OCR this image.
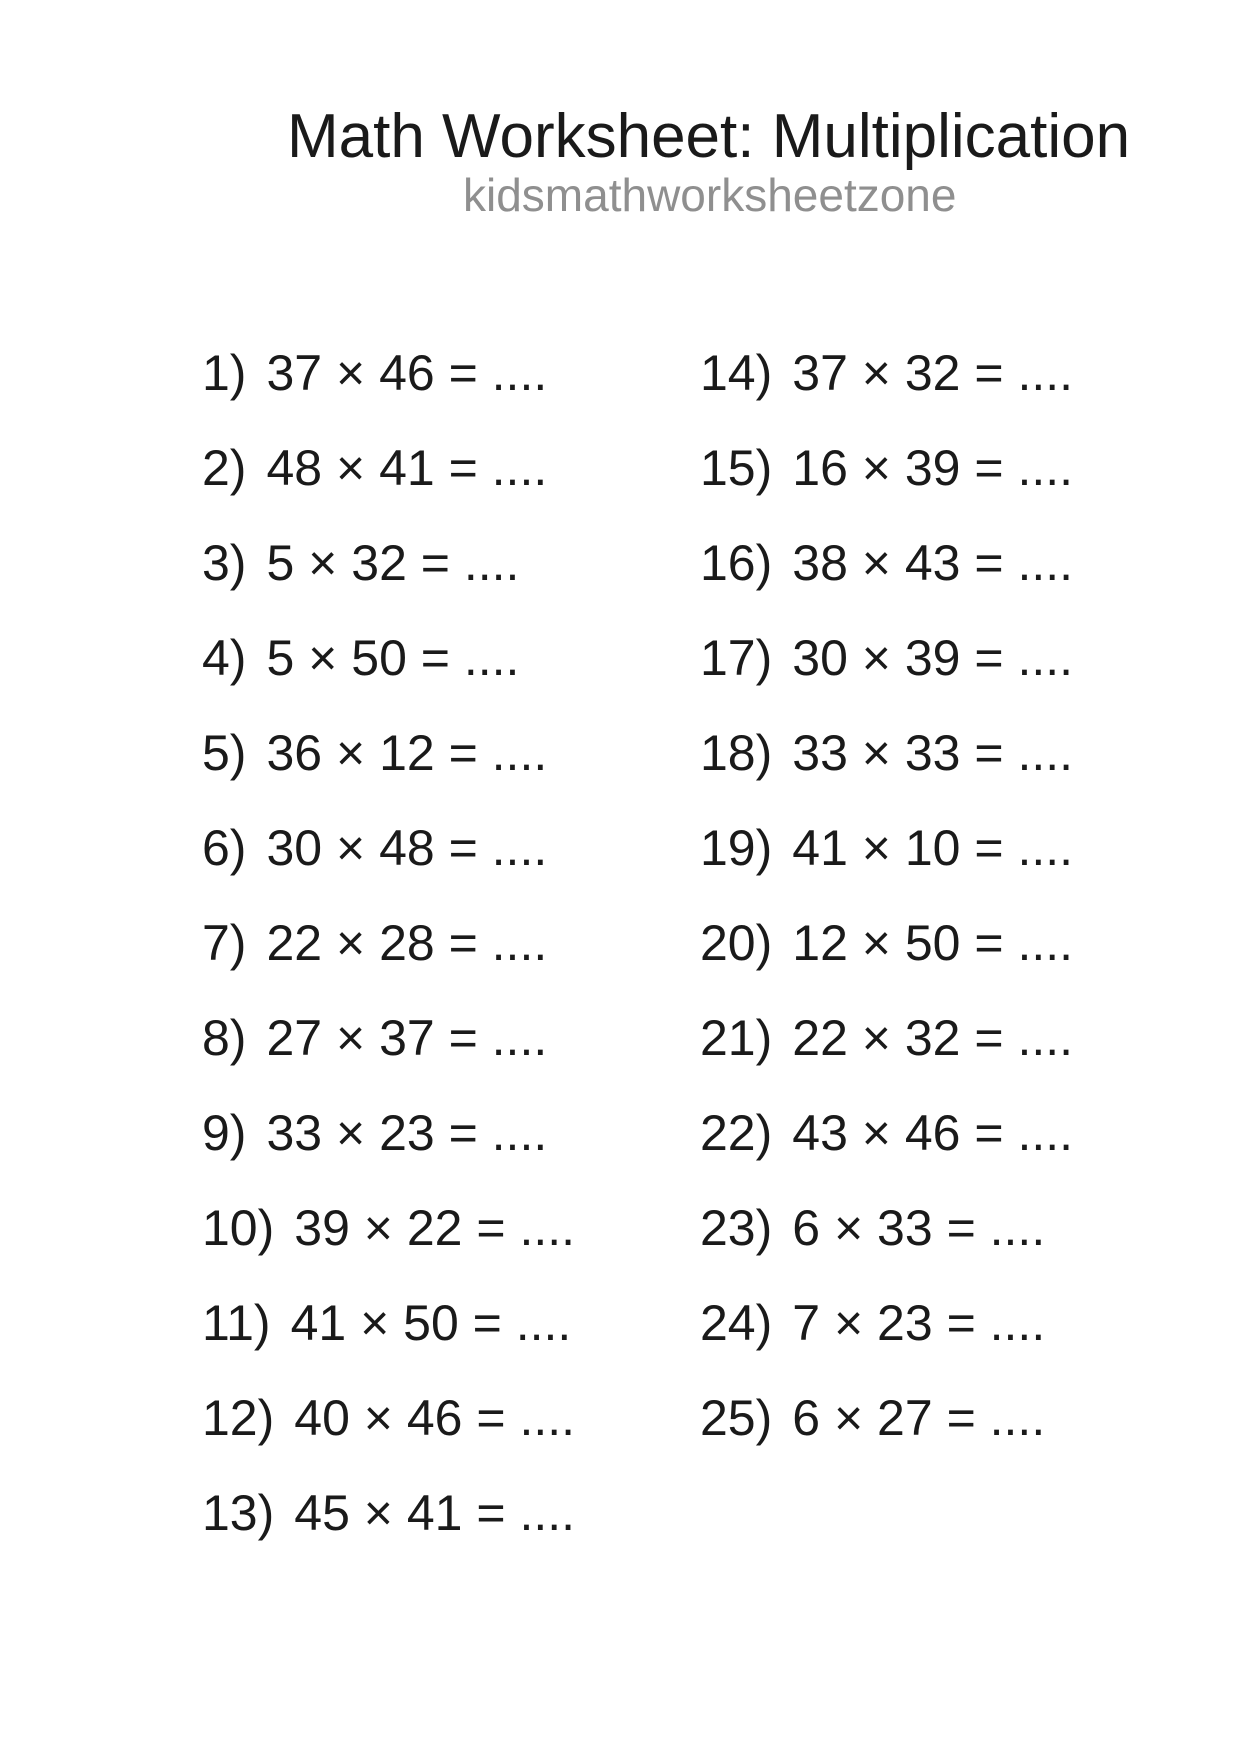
Math Worksheet: Multiplication
kidsmathworksheetzone
1) 37 × 46 = ....
2) 48 × 41 = ....
3) 5 × 32 = ....
4) 5 × 50 = ....
5) 36 × 12 = ....
6) 30 × 48 = ....
7) 22 × 28 = ....
8) 27 × 37 = ....
9) 33 × 23 = ....
10) 39 × 22 = ....
11) 41 × 50 = ....
12) 40 × 46 = ....
13) 45 × 41 = ....
14) 37 × 32 = ....
15) 16 × 39 = ....
16) 38 × 43 = ....
17) 30 × 39 = ....
18) 33 × 33 = ....
19) 41 × 10 = ....
20) 12 × 50 = ....
21) 22 × 32 = ....
22) 43 × 46 = ....
23) 6 × 33 = ....
24) 7 × 23 = ....
25) 6 × 27 = ....
